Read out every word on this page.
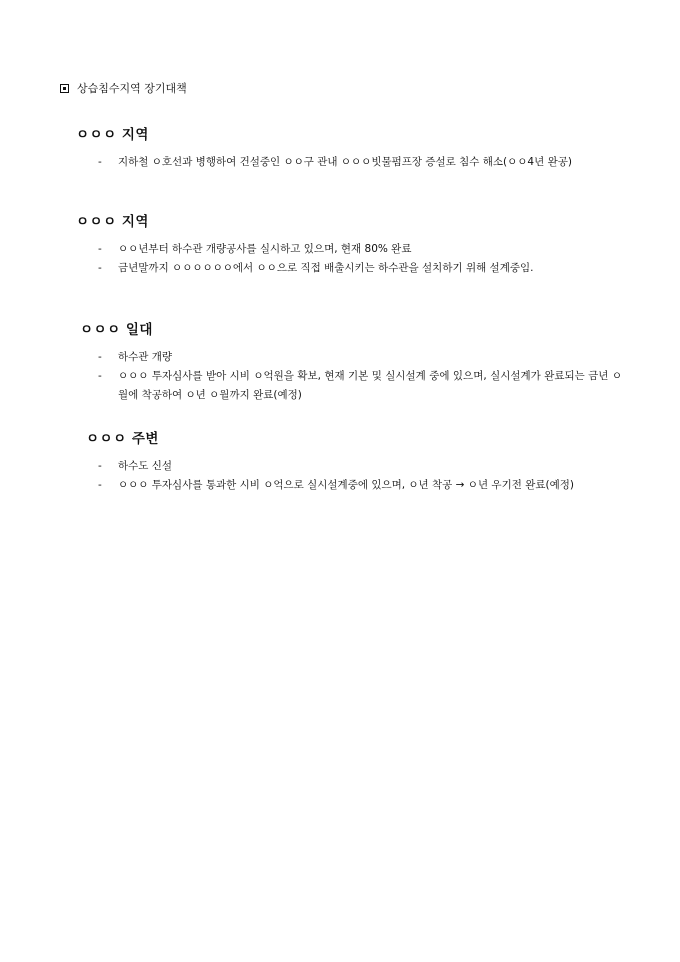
상습침수지역 장기대책
ㅇㅇㅇ 지역
- 지하철 ㅇ호선과 병행하여 건설중인 ㅇㅇ구 관내 ㅇㅇㅇ빗물펌프장 증설로 침수 해소(ㅇㅇ4년 완공)
ㅇㅇㅇ 지역
- ㅇㅇ년부터 하수관 개량공사를 실시하고 있으며, 현재 80% 완료
- 금년말까지 ㅇㅇㅇㅇㅇㅇ에서 ㅇㅇ으로 직접 배출시키는 하수관을 설치하기 위해 설계중임.
ㅇㅇㅇ 일대
- 하수관 개량
- ㅇㅇㅇ 투자심사를 받아 시비 ㅇ억원을 확보, 현재 기본 및 실시설계 중에 있으며, 실시설계가 완료되는 금년 ㅇ월에 착공하여 ㅇ년 ㅇ월까지 완료(예정)
ㅇㅇㅇ 주변
- 하수도 신설
- ㅇㅇㅇ 투자심사를 통과한 시비 ㅇ억으로 실시설계중에 있으며, ㅇ년 착공 → ㅇ년 우기전 완료(예정)
